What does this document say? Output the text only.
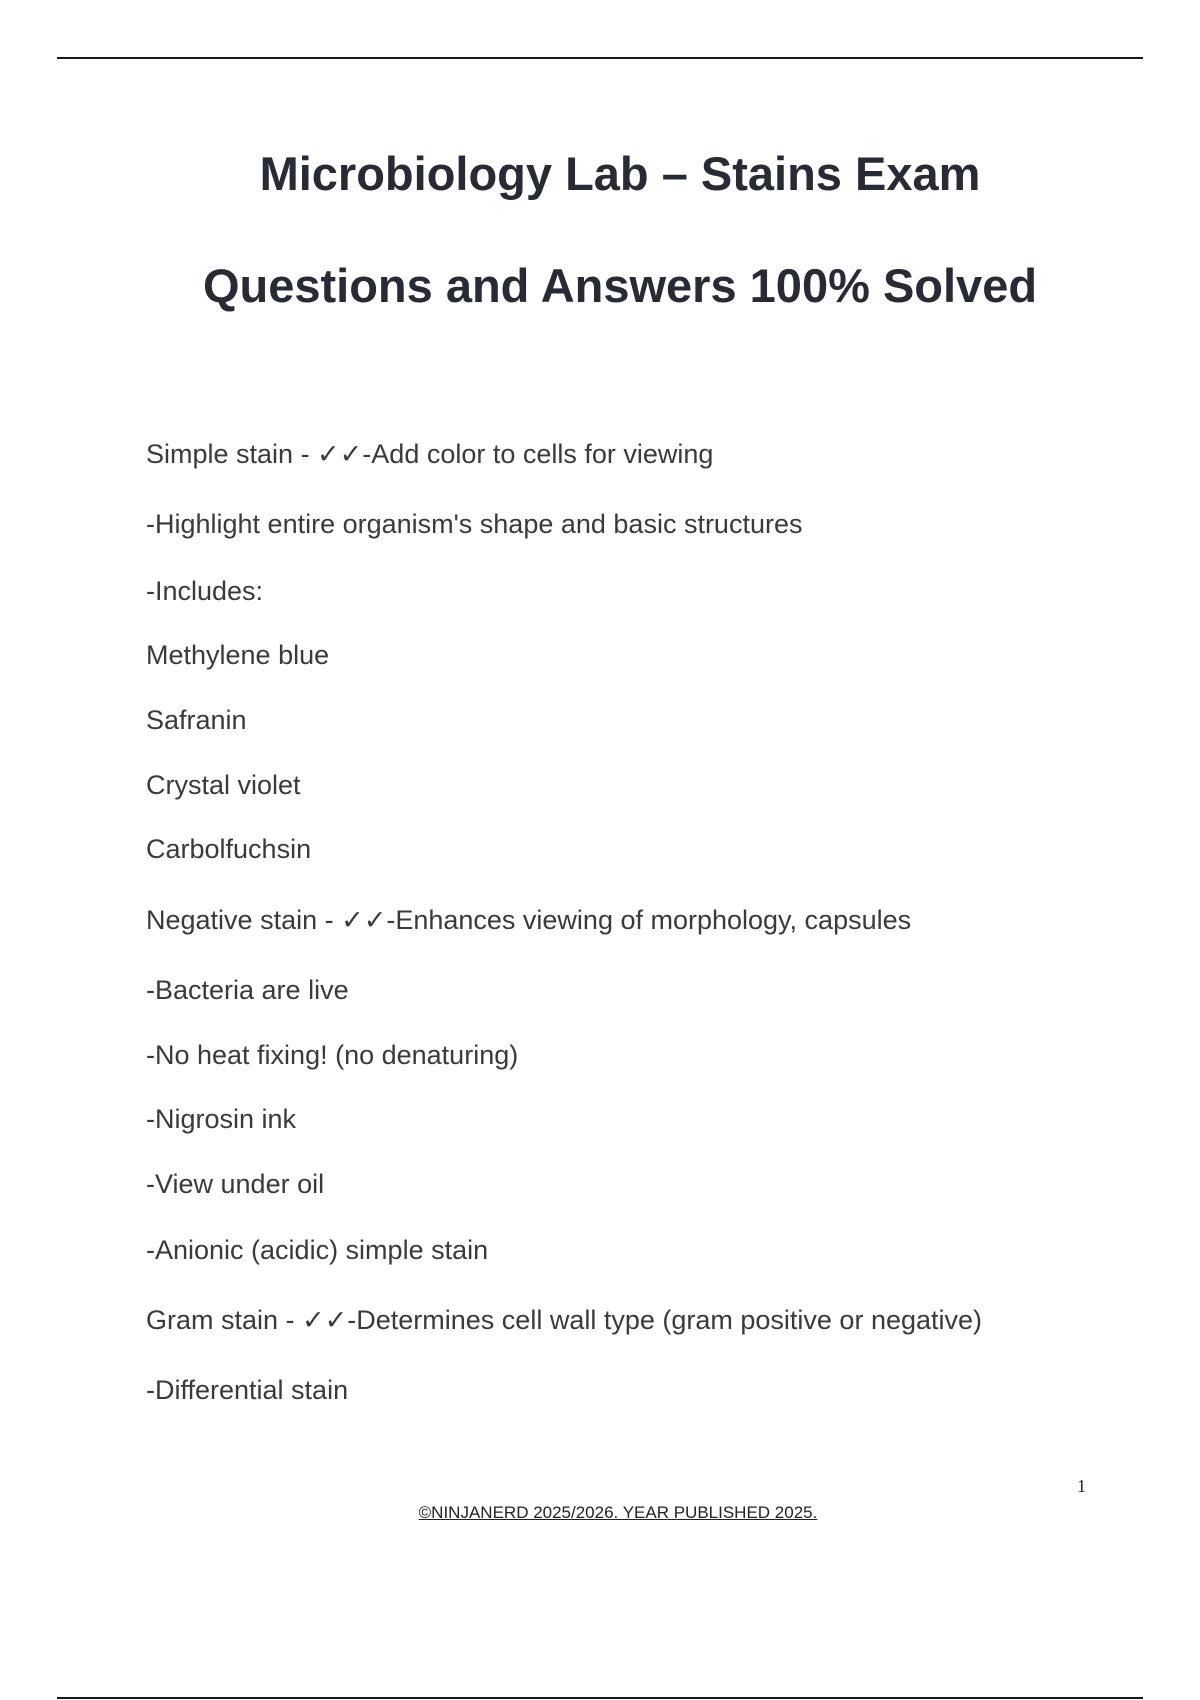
Microbiology Lab – Stains Exam
Questions and Answers 100% Solved
Simple stain - ✓✓-Add color to cells for viewing
-Highlight entire organism's shape and basic structures
-Includes:
Methylene blue
Safranin
Crystal violet
Carbolfuchsin
Negative stain - ✓✓-Enhances viewing of morphology, capsules
-Bacteria are live
-No heat fixing! (no denaturing)
-Nigrosin ink
-View under oil
-Anionic (acidic) simple stain
Gram stain - ✓✓-Determines cell wall type (gram positive or negative)
-Differential stain
1
©NINJANERD 2025/2026. YEAR PUBLISHED 2025.
